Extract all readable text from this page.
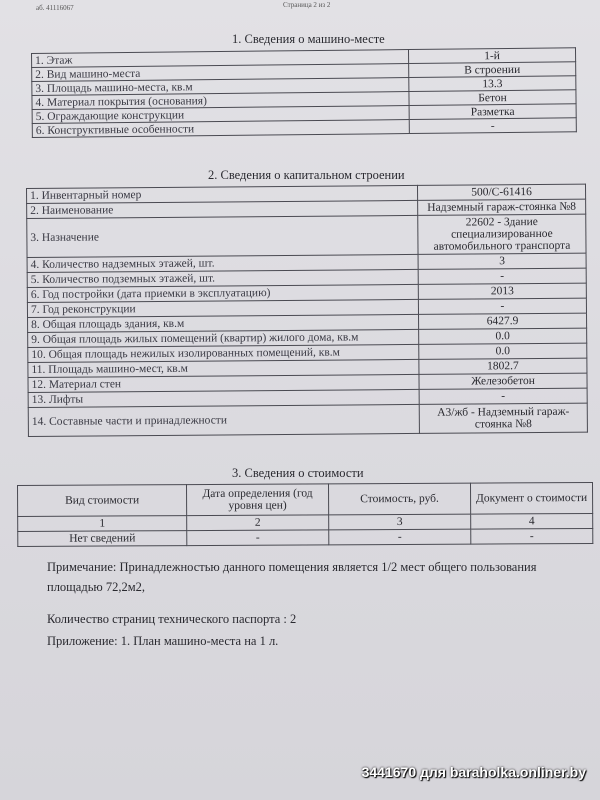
аб. 41116067	Страница 2 из 2
1. Сведения о машино-месте
1. Этаж	1-й
2. Вид машино-места	В строении
3. Площадь машино-места, кв.м	13.3
4. Материал покрытия (основания)	Бетон
5. Ограждающие конструкции	Разметка
6. Конструктивные особенности	-
2. Сведения о капитальном строении
1. Инвентарный номер	500/C-61416
2. Наименование	Надземный гараж-стоянка №8
3. Назначение	22602 - Здание специализированное автомобильного транспорта
4. Количество надземных этажей, шт.	3
5. Количество подземных этажей, шт.	-
6. Год постройки (дата приемки в эксплуатацию)	2013
7. Год реконструкции	-
8. Общая площадь здания, кв.м	6427.9
9. Общая площадь жилых помещений (квартир) жилого дома, кв.м	0.0
10. Общая площадь нежилых изолированных помещений, кв.м	0.0
11. Площадь машино-мест, кв.м	1802.7
12. Материал стен	Железобетон
13. Лифты	-
14. Составные части и принадлежности	A3/жб - Надземный гараж-стоянка №8
3. Сведения о стоимости
Вид стоимости	Дата определения (год уровня цен)	Стоимость, руб.	Документ о стоимости
1	2	3	4
Нет сведений	-	-	-
Примечание: Принадлежностью данного помещения является 1/2 мест общего пользования
площадью 72,2м2,
Количество страниц технического паспорта : 2
Приложение: 1. План машино-места на 1 л.
3441670 для baraholka.onliner.by
